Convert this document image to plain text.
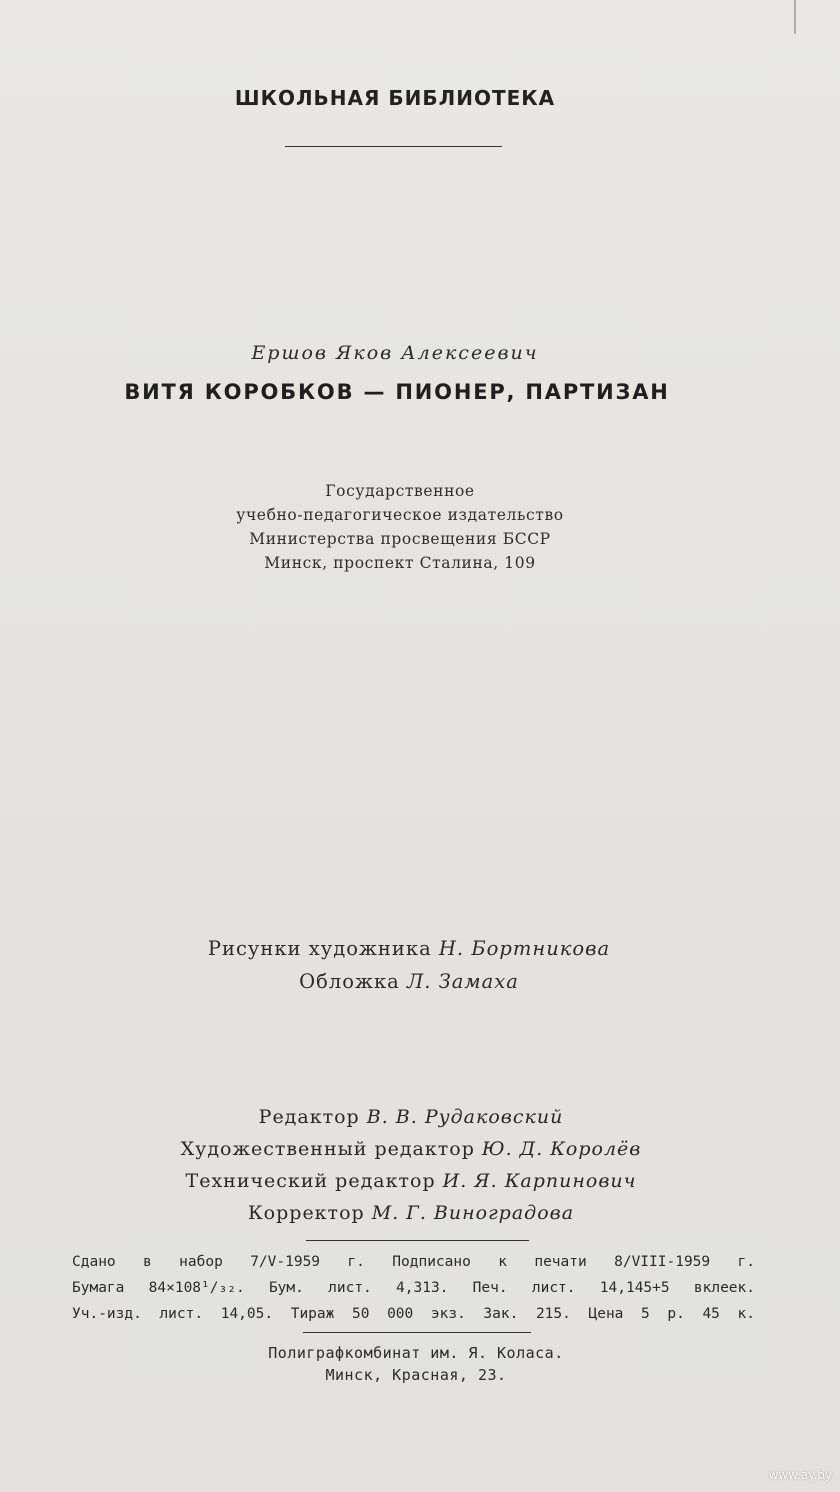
ШКОЛЬНАЯ БИБЛИОТЕКА
Ершов Яков Алексеевич
ВИТЯ КОРОБКОВ — ПИОНЕР, ПАРТИЗАН
Государственное
учебно-педагогическое издательство
Министерства просвещения БССР
Минск, проспект Сталина, 109
Рисунки художника Н. Бортникова
Обложка Л. Замаха
Редактор В. В. Рудаковский
Художественный редактор Ю. Д. Королёв
Технический редактор И. Я. Карпинович
Корректор М. Г. Виноградова
Сдано в набор 7/V-1959 г. Подписано к печати 8/VIII-1959 г.
Бумага 84×108¹/₃₂. Бум. лист. 4,313. Печ. лист. 14,145+5 вклеек.
Уч.-изд. лист. 14,05. Тираж 50 000 экз. Зак. 215. Цена 5 р. 45 к.
Полиграфкомбинат им. Я. Коласа.
Минск, Красная, 23.
www.ay.by
